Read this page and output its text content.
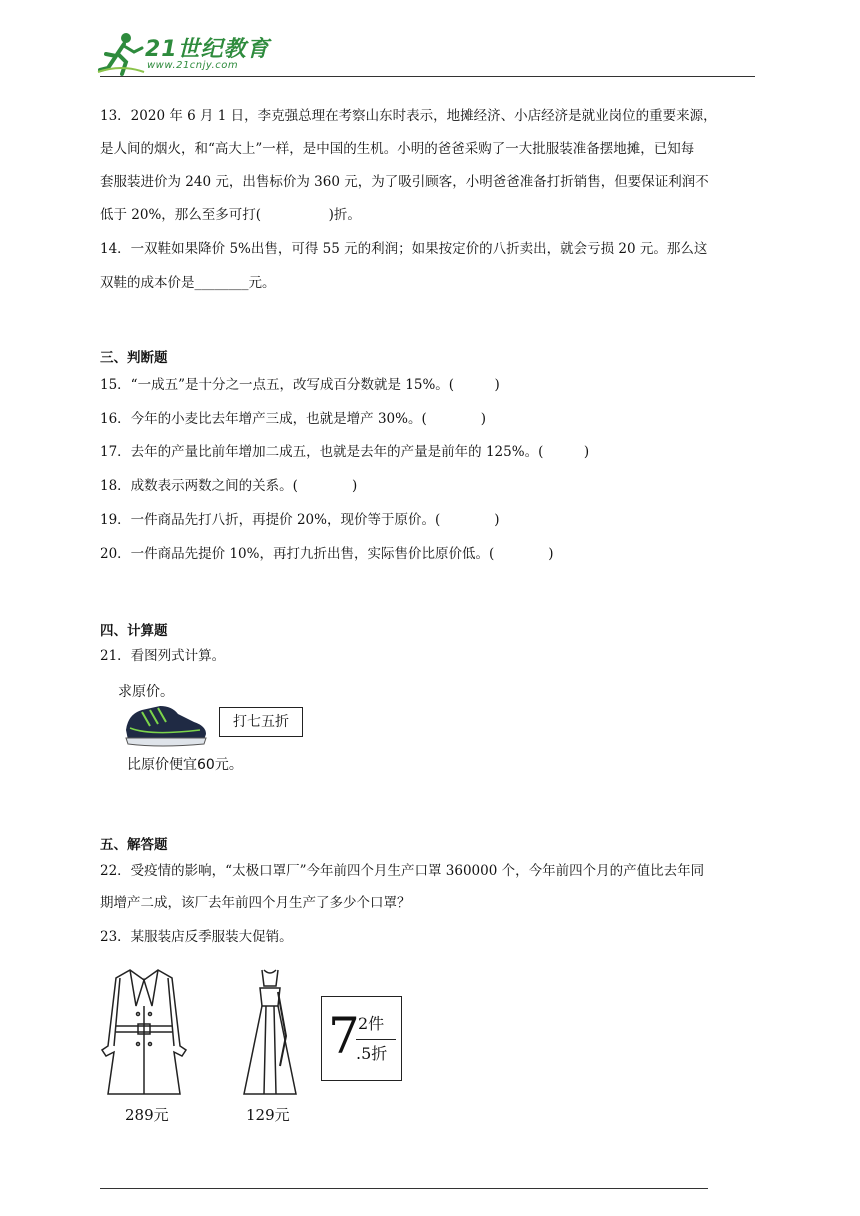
21世纪教育
www.21cnjy.com
13．2020 年 6 月 1 日，李克强总理在考察山东时表示，地摊经济、小店经济是就业岗位的重要来源，
是人间的烟火，和“高大上”一样，是中国的生机。小明的爸爸采购了一大批服装准备摆地摊，已知每
套服装进价为 240 元，出售标价为 360 元，为了吸引顾客，小明爸爸准备打折销售，但要保证利润不
低于 20%，那么至多可打(　　　　　)折。
14．一双鞋如果降价 5%出售，可得 55 元的利润；如果按定价的八折卖出，就会亏损 20 元。那么这
双鞋的成本价是________元。
三、判断题
15．“一成五”是十分之一点五，改写成百分数就是 15%。(　　　)
16．今年的小麦比去年增产三成，也就是增产 30%。(　　　　)
17．去年的产量比前年增加二成五，也就是去年的产量是前年的 125%。(　　　)
18．成数表示两数之间的关系。(　　　　)
19．一件商品先打八折，再提价 20%，现价等于原价。(　　　　)
20．一件商品先提价 10%，再打九折出售，实际售价比原价低。(　　　　)
四、计算题
21．看图列式计算。
求原价。
打七五折
比原价便宜60元。
五、解答题
22．受疫情的影响，“太极口罩厂”今年前四个月生产口罩 360000 个，今年前四个月的产值比去年同
期增产二成，该厂去年前四个月生产了多少个口罩？
23．某服装店反季服装大促销。
289元	129元
7
2件
.5折
